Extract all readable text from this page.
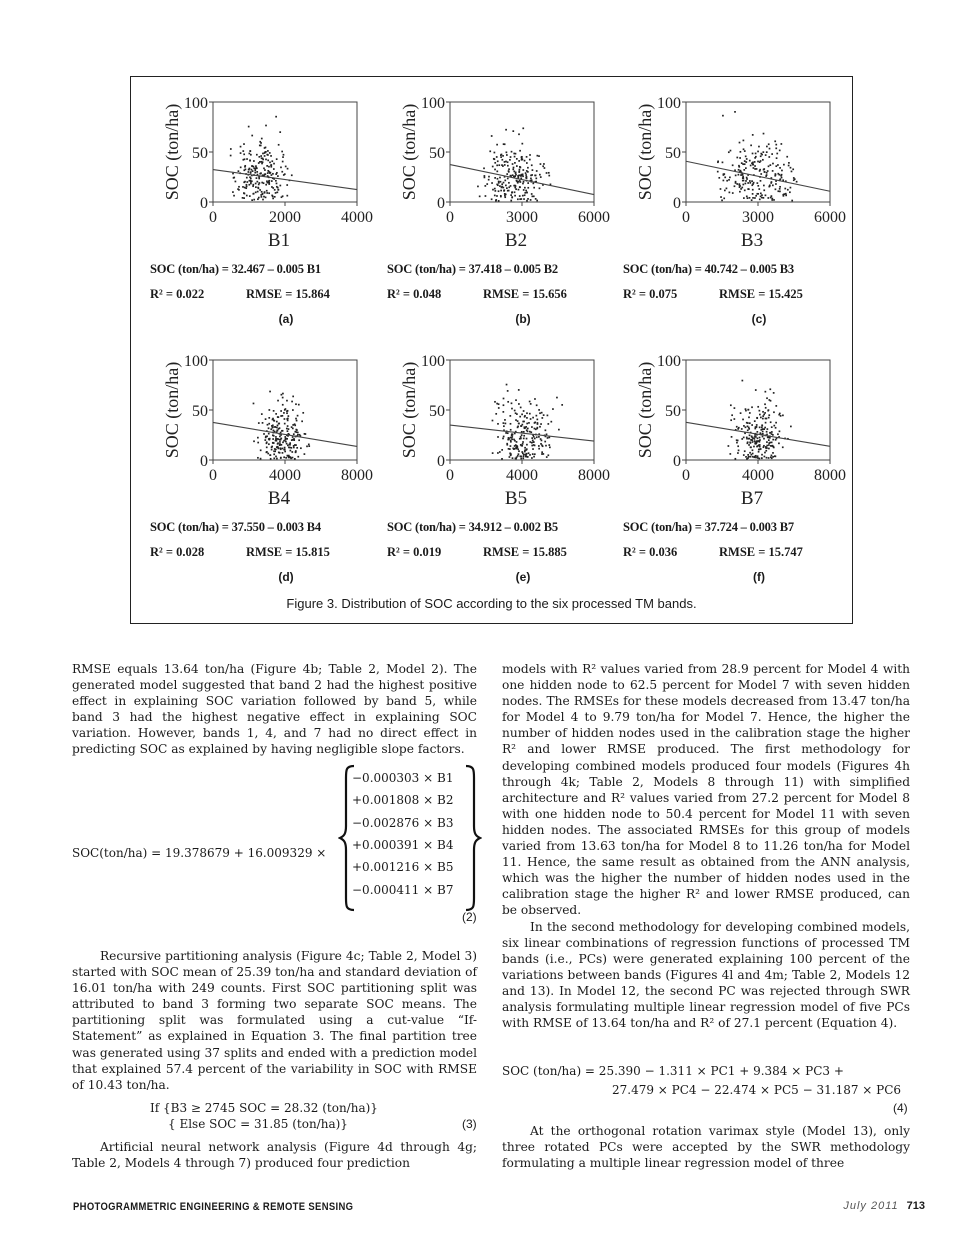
SOC (ton/ha)
0
50
100
0	2000	4000
B1
SOC (ton/ha) = 32.467 – 0.005 B1
R² = 0.022	RMSE = 15.864
(a)
SOC (ton/ha)
0
50
100
0	3000	6000
B2
SOC (ton/ha) = 37.418 – 0.005 B2
R² = 0.048	RMSE = 15.656
(b)
SOC (ton/ha)
0
50
100
0	3000	6000
B3
SOC (ton/ha) = 40.742 – 0.005 B3
R² = 0.075	RMSE = 15.425
(c)
SOC (ton/ha)
0
50
100
0	4000	8000
B4
SOC (ton/ha) = 37.550 – 0.003 B4
R² = 0.028	RMSE = 15.815
(d)
SOC (ton/ha)
0
50
100
0	4000	8000
B5
SOC (ton/ha) = 34.912 – 0.002 B5
R² = 0.019	RMSE = 15.885
(e)
SOC (ton/ha)
0
50
100
0	4000	8000
B7
SOC (ton/ha) = 37.724 – 0.003 B7
R² = 0.036	RMSE = 15.747
(f)
Figure 3. Distribution of SOC according to the six processed TM bands.

RMSE equals 13.64 ton/ha (Figure 4b; Table 2, Model 2). The generated model suggested that band 2 had the highest positive effect in explaining SOC variation followed by band 5, while band 3 had the highest negative effect in explaining SOC variation. However, bands 1, 4, and 7 had no direct effect in predicting SOC as explained by having negligible slope factors.

SOC(ton/ha) = 19.378679 + 16.009329 ×
−0.000303 × B1
+0.001808 × B2
−0.002876 × B3
+0.000391 × B4
+0.001216 × B5
−0.000411 × B7
(2)

Recursive partitioning analysis (Figure 4c; Table 2, Model 3) started with SOC mean of 25.39 ton/ha and standard deviation of 16.01 ton/ha with 249 counts. First SOC partitioning split was attributed to band 3 forming two separate SOC means. The partitioning split was formulated using a cut-value “If-Statement” as explained in Equation 3. The final partition tree was generated using 37 splits and ended with a prediction model that explained 57.4 percent of the variability in SOC with RMSE of 10.43 ton/ha.

If {B3 ≥ 2745 SOC = 28.32 (ton/ha)}
{ Else SOC = 31.85 (ton/ha)}	(3)

Artificial neural network analysis (Figure 4d through 4g; Table 2, Models 4 through 7) produced four prediction

models with R² values varied from 28.9 percent for Model 4 with one hidden node to 62.5 percent for Model 7 with seven hidden nodes. The RMSEs for these models decreased from 13.47 ton/ha for Model 4 to 9.79 ton/ha for Model 7. Hence, the higher the number of hidden nodes used in the calibration stage the higher R² and lower RMSE produced. The first methodology for developing combined models produced four models (Figures 4h through 4k; Table 2, Models 8 through 11) with simplified architecture and R² values varied from 27.2 percent for Model 8 with one hidden node to 50.4 percent for Model 11 with seven hidden nodes. The associated RMSEs for this group of models varied from 13.63 ton/ha for Model 8 to 11.26 ton/ha for Model 11. Hence, the same result as obtained from the ANN analysis, which was the higher the number of hidden nodes used in the calibration stage the higher R² and lower RMSE produced, can be observed.

In the second methodology for developing combined models, six linear combinations of regression functions of processed TM bands (i.e., PCs) were generated explaining 100 percent of the variations between bands (Figures 4l and 4m; Table 2, Models 12 and 13). In Model 12, the second PC was rejected through SWR analysis formulating multiple linear regression model of five PCs with RMSE of 13.64 ton/ha and R² of 27.1 percent (Equation 4).

SOC (ton/ha) = 25.390 − 1.311 × PC1 + 9.384 × PC3 +
27.479 × PC4 − 22.474 × PC5 − 31.187 × PC6
(4)

At the orthogonal rotation varimax style (Model 13), only three rotated PCs were accepted by the SWR methodology formulating a multiple linear regression model of three

PHOTOGRAMMETRIC ENGINEERING & REMOTE SENSING	July 2011 713
